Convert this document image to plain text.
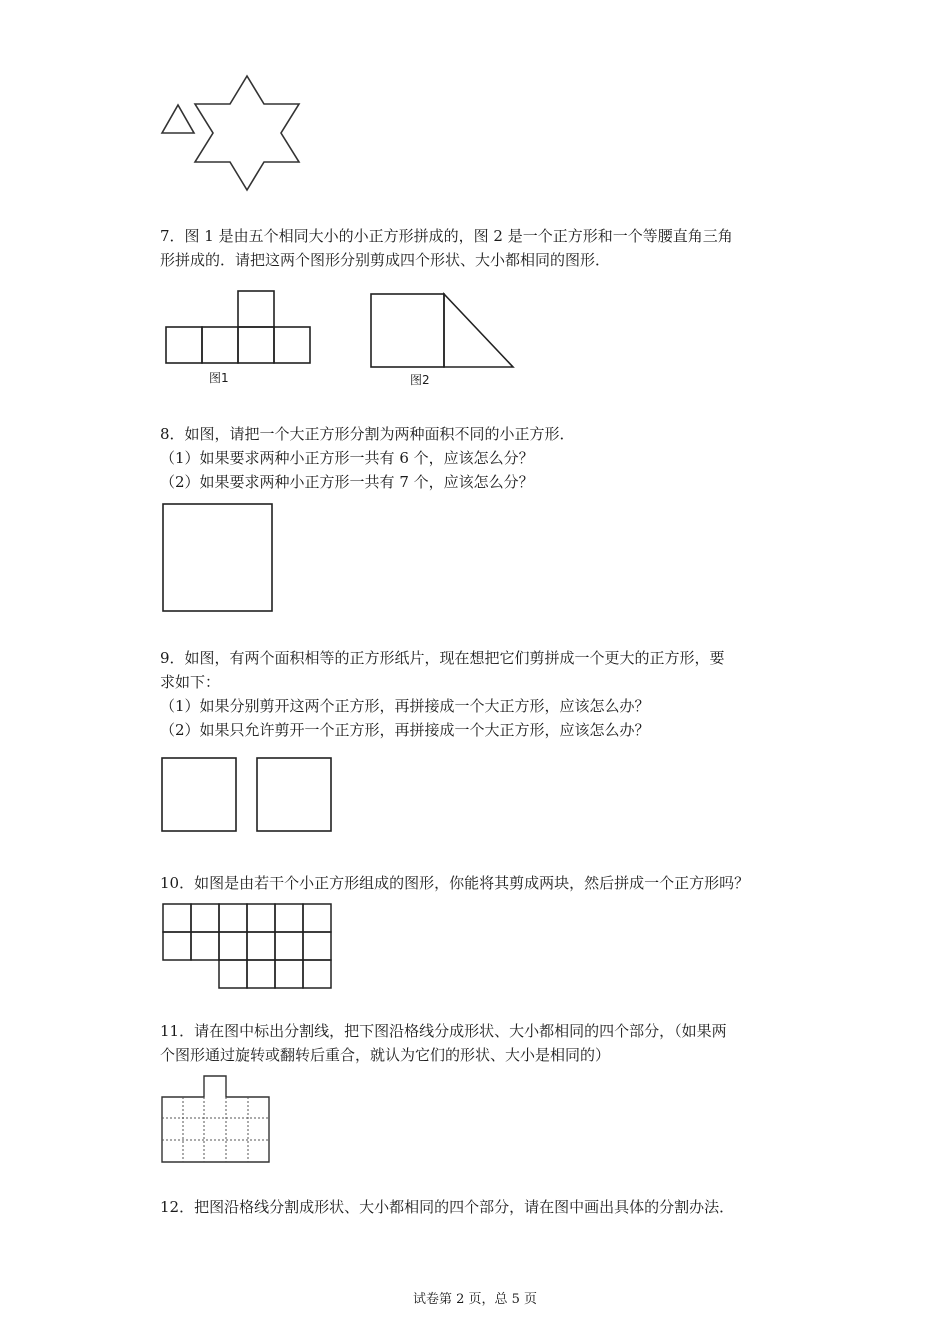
7．图 1 是由五个相同大小的小正方形拼成的，图 2 是一个正方形和一个等腰直角三角

形拼成的．请把这两个图形分别剪成四个形状、大小都相同的图形．

图1	图2

8．如图，请把一个大正方形分割为两种面积不同的小正方形．

（1）如果要求两种小正方形一共有 6 个，应该怎么分？

（2）如果要求两种小正方形一共有 7 个，应该怎么分？

9．如图，有两个面积相等的正方形纸片，现在想把它们剪拼成一个更大的正方形，要

求如下：

（1）如果分别剪开这两个正方形，再拼接成一个大正方形，应该怎么办？

（2）如果只允许剪开一个正方形，再拼接成一个大正方形，应该怎么办？

10．如图是由若干个小正方形组成的图形，你能将其剪成两块，然后拼成一个正方形吗？

11．请在图中标出分割线，把下图沿格线分成形状、大小都相同的四个部分，（如果两

个图形通过旋转或翻转后重合，就认为它们的形状、大小是相同的）

12．把图沿格线分割成形状、大小都相同的四个部分，请在图中画出具体的分割办法．

试卷第 2 页，总 5 页
